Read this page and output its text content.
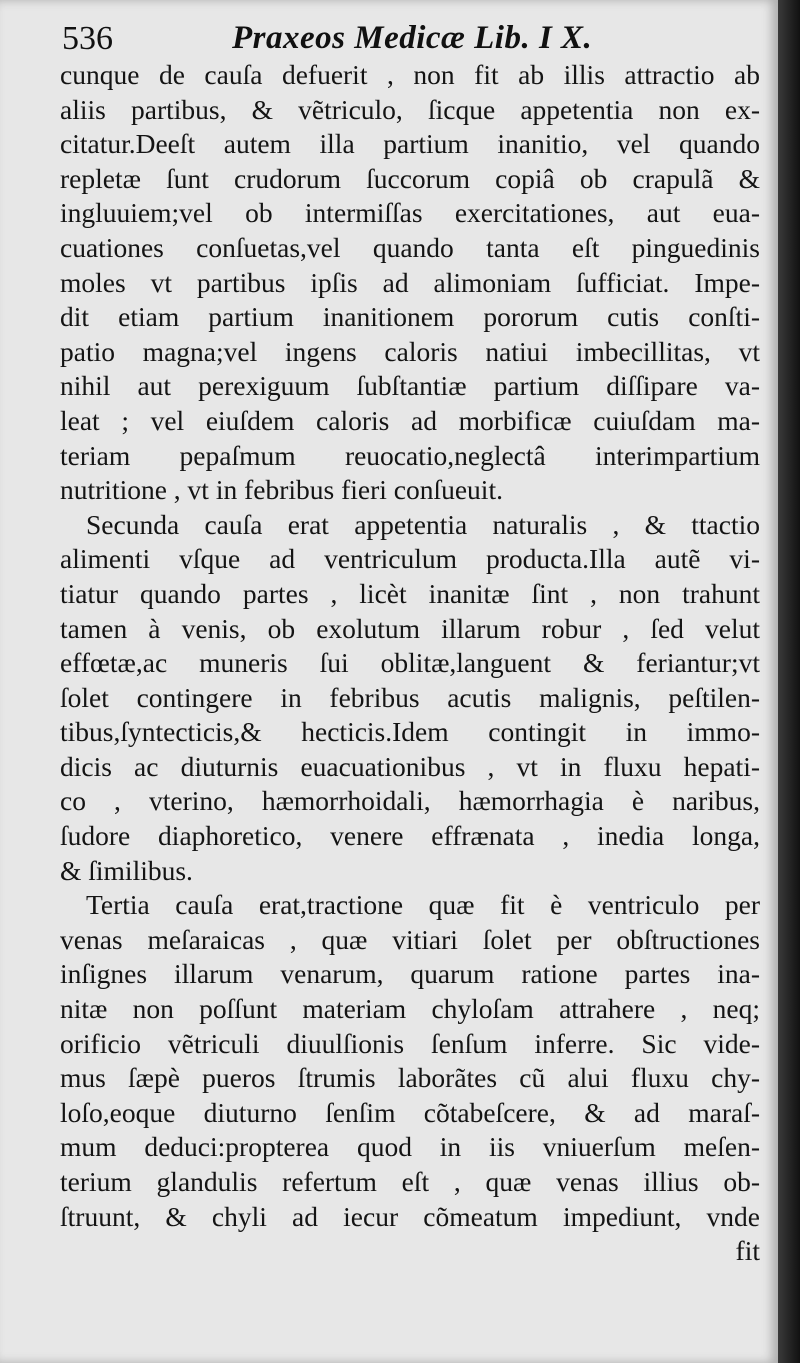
536	Praxeos Medicæ Lib. I X.
cunque de cauſa defuerit , non fit ab illis attractio ab
aliis partibus, & vẽtriculo, ſicque appetentia non ex-
citatur.Deeſt autem illa partium inanitio, vel quando
repletæ ſunt crudorum ſuccorum copiâ ob crapulã &
ingluuiem;vel ob intermiſſas exercitationes, aut eua-
cuationes conſuetas,vel quando tanta eſt pinguedinis
moles vt partibus ipſis ad alimoniam ſufficiat. Impe-
dit etiam partium inanitionem pororum cutis conſti-
patio magna;vel ingens caloris natiui imbecillitas, vt
nihil aut perexiguum ſubſtantiæ partium diſſipare va-
leat ; vel eiuſdem caloris ad morbificæ cuiuſdam ma-
teriam pepaſmum reuocatio,neglectâ interimpartium
nutritione , vt in febribus fieri conſueuit.
Secunda cauſa erat appetentia naturalis , & ttactio
alimenti vſque ad ventriculum producta.Illa autẽ vi-
tiatur quando partes , licèt inanitæ ſint , non trahunt
tamen à venis, ob exolutum illarum robur , ſed velut
effœtæ,ac muneris ſui oblitæ,languent & feriantur;vt
ſolet contingere in febribus acutis malignis, peſtilen-
tibus,ſynteсticis,& hecticis.Idem contingit in immo-
dicis ac diuturnis euacuationibus , vt in fluxu hepati-
co , vterino, hæmorrhoidali, hæmorrhagia è naribus,
ſudore diaphoretico, venere effrænata , inedia longa,
& ſimilibus.
Tertia cauſa erat,tractione quæ fit è ventriculo per
venas meſaraicas , quæ vitiari ſolet per obſtructiones
inſignes illarum venarum, quarum ratione partes ina-
nitæ non poſſunt materiam chyloſam attrahere , neq;
orificio vẽtriculi diuulſionis ſenſum inferre. Sic vide-
mus ſæpè pueros ſtrumis laborãtes cũ alui fluxu chy-
loſo,eoque diuturno ſenſim cõtabeſcere, & ad maraſ-
mum deduci:propterea quod in iis vniuerſum meſen-
terium glandulis refertum eſt , quæ venas illius ob-
ſtruunt, & chyli ad iecur cõmeatum impediunt, vnde
fit
